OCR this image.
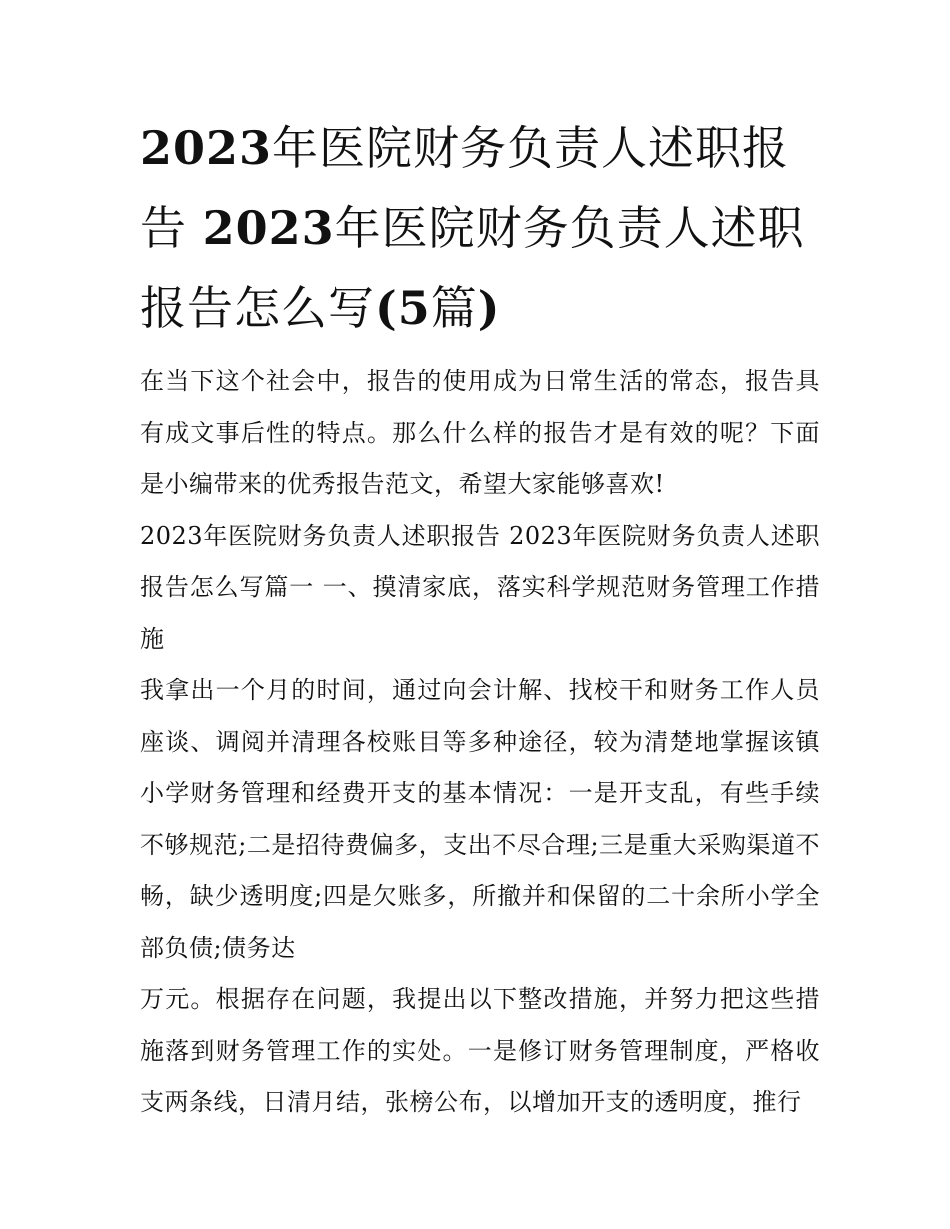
2023年医院财务负责人述职报告 2023年医院财务负责人述职报告怎么写(5篇)

在当下这个社会中，报告的使用成为日常生活的常态，报告具有成文事后性的特点。那么什么样的报告才是有效的呢？下面是小编带来的优秀报告范文，希望大家能够喜欢!

2023年医院财务负责人述职报告 2023年医院财务负责人述职报告怎么写篇一 一、摸清家底，落实科学规范财务管理工作措施

我拿出一个月的时间，通过向会计解、找校干和财务工作人员座谈、调阅并清理各校账目等多种途径，较为清楚地掌握该镇小学财务管理和经费开支的基本情况：一是开支乱，有些手续不够规范;二是招待费偏多，支出不尽合理;三是重大采购渠道不畅，缺少透明度;四是欠账多，所撤并和保留的二十余所小学全部负债;债务达

万元。根据存在问题，我提出以下整改措施，并努力把这些措施落到财务管理工作的实处。一是修订财务管理制度，严格收支两条线，日清月结，张榜公布，以增加开支的透明度，推行
